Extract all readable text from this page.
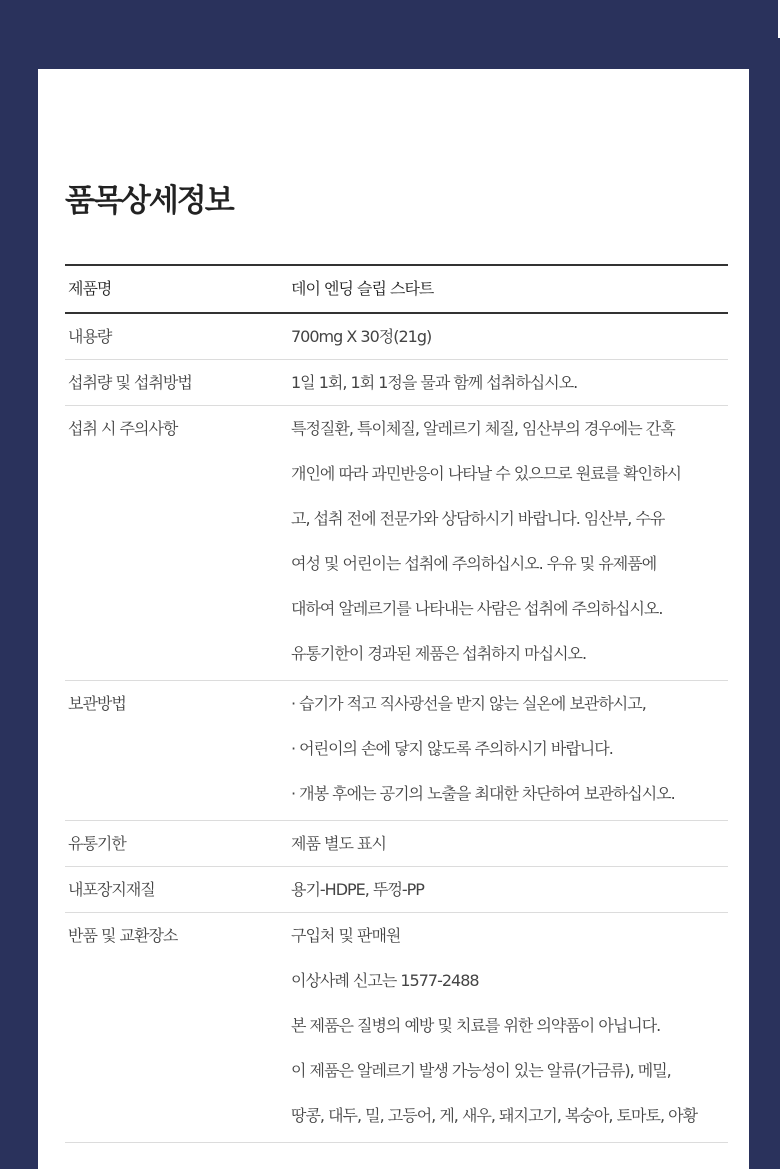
품목상세정보
제품명	데이 엔딩 슬립 스타트
내용량	700mg X 30정(21g)
섭취량 및 섭취방법	1일 1회, 1회 1정을 물과 함께 섭취하십시오.
섭취 시 주의사항	특정질환, 특이체질, 알레르기 체질, 임산부의 경우에는 간혹
개인에 따라 과민반응이 나타날 수 있으므로 원료를 확인하시
고, 섭취 전에 전문가와 상담하시기 바랍니다. 임산부, 수유
여성 및 어린이는 섭취에 주의하십시오. 우유 및 유제품에
대하여 알레르기를 나타내는 사람은 섭취에 주의하십시오.
유통기한이 경과된 제품은 섭취하지 마십시오.
보관방법	· 습기가 적고 직사광선을 받지 않는 실온에 보관하시고,
· 어린이의 손에 닿지 않도록 주의하시기 바랍니다.
· 개봉 후에는 공기의 노출을 최대한 차단하여 보관하십시오.
유통기한	제품 별도 표시
내포장지재질	용기-HDPE, 뚜껑-PP
반품 및 교환장소	구입처 및 판매원
이상사례 신고는 1577-2488
본 제품은 질병의 예방 및 치료를 위한 의약품이 아닙니다.
이 제품은 알레르기 발생 가능성이 있는 알류(가금류), 메밀,
땅콩, 대두, 밀, 고등어, 게, 새우, 돼지고기, 복숭아, 토마토, 아황
